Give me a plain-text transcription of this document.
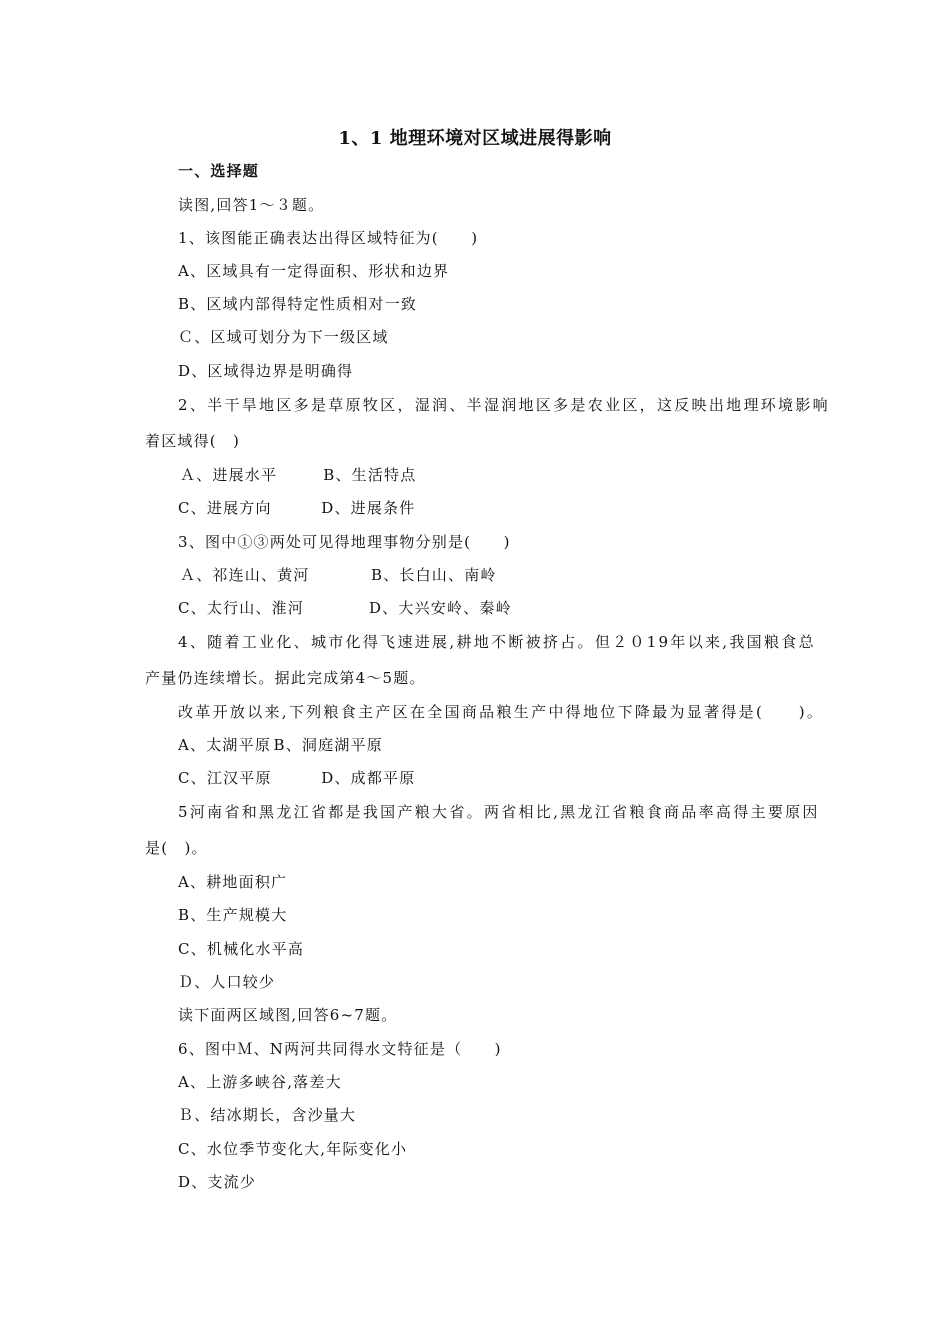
1、1 地理环境对区域进展得影响
一、选择题
读图,回答1～３题。
1、该图能正确表达出得区域特征为(　　)
A、区域具有一定得面积、形状和边界
B、区域内部得特定性质相对一致
Ｃ、区域可划分为下一级区域
D、区域得边界是明确得
2、半干旱地区多是草原牧区，湿润、半湿润地区多是农业区，这反映出地理环境影响
着区域得(　)
Ａ、进展水平　	B、生活特点
C、进展方向　	D、进展条件
3、图中①③两处可见得地理事物分别是(　　)
Ａ、祁连山、黄河　	B、长白山、南岭
C、太行山、淮河　	D、大兴安岭、秦岭
4、随着工业化、城市化得飞速进展,耕地不断被挤占。但２０19年以来,我国粮食总
产量仍连续增长。据此完成第4～5题。
改革开放以来,下列粮食主产区在全国商品粮生产中得地位下降最为显著得是(　　)。
A、太湖平原	B、洞庭湖平原
C、江汉平原	D、成都平原
5河南省和黑龙江省都是我国产粮大省。两省相比,黑龙江省粮食商品率高得主要原因
是(　)。
A、耕地面积广
B、生产规模大
C、机械化水平高
Ｄ、人口较少
读下面两区域图,回答6~7题。
6、图中Ｍ、N两河共同得水文特征是（　　)
A、上游多峡谷,落差大
Ｂ、结冰期长，含沙量大
C、水位季节变化大,年际变化小
D、支流少
